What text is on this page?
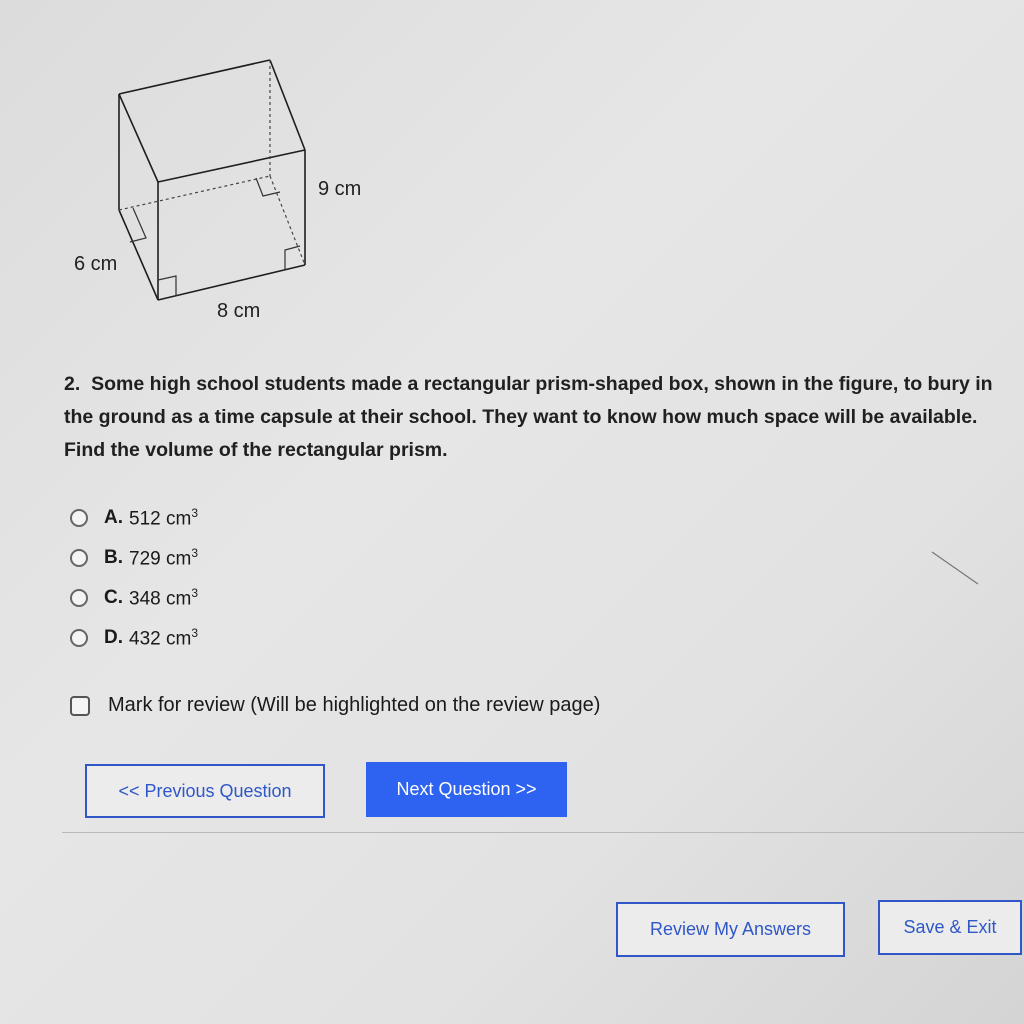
9 cm
6 cm
8 cm
2. Some high school students made a rectangular prism-shaped box, shown in the figure, to bury in the ground as a time capsule at their school. They want to know how much space will be available. Find the volume of the rectangular prism.
A. 512 $cm^3$
B. 729 $cm^3$
C. 348 $cm^3$
D. 432 $cm^3$
Mark for review (Will be highlighted on the review page)
<< Previous Question	Next Question >>
Review My Answers	Save & Exit
